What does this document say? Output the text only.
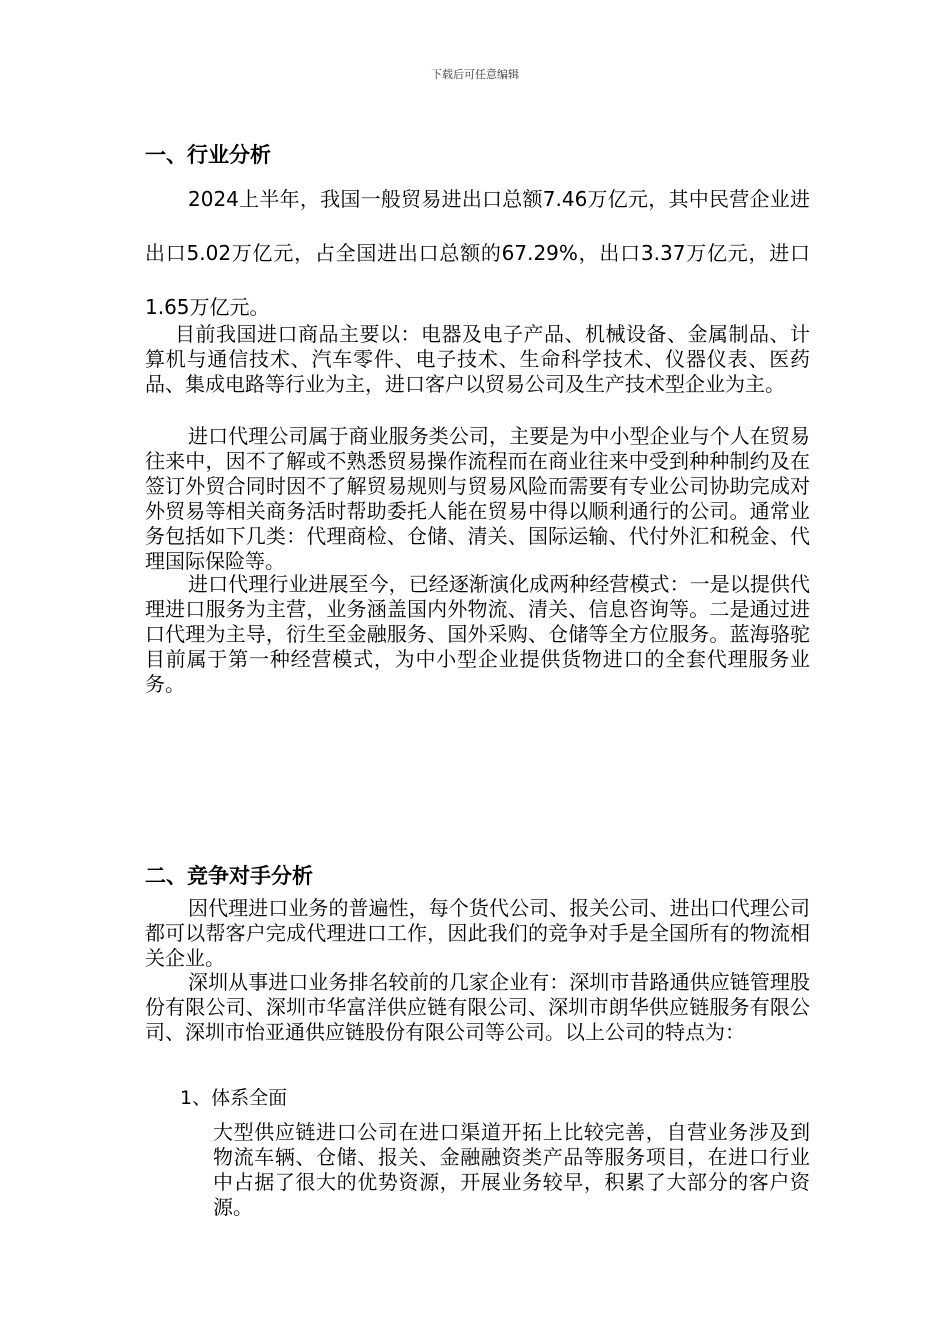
下载后可任意编辑
一、行业分析

2024上半年，我国一般贸易进出口总额7.46万亿元，其中民营企业进出口5.02万亿元，占全国进出口总额的67.29%，出口3.37万亿元，进口1.65万亿元。

目前我国进口商品主要以：电器及电子产品、机械设备、金属制品、计算机与通信技术、汽车零件、电子技术、生命科学技术、仪器仪表、医药品、集成电路等行业为主，进口客户以贸易公司及生产技术型企业为主。

进口代理公司属于商业服务类公司，主要是为中小型企业与个人在贸易往来中，因不了解或不熟悉贸易操作流程而在商业往来中受到种种制约及在签订外贸合同时因不了解贸易规则与贸易风险而需要有专业公司协助完成对外贸易等相关商务活时帮助委托人能在贸易中得以顺利通行的公司。通常业务包括如下几类：代理商检、仓储、清关、国际运输、代付外汇和税金、代理国际保险等。

进口代理行业进展至今，已经逐渐演化成两种经营模式：一是以提供代理进口服务为主营，业务涵盖国内外物流、清关、信息咨询等。二是通过进口代理为主导，衍生至金融服务、国外采购、仓储等全方位服务。蓝海骆驼目前属于第一种经营模式，为中小型企业提供货物进口的全套代理服务业务。

二、竞争对手分析

因代理进口业务的普遍性，每个货代公司、报关公司、进出口代理公司都可以帮客户完成代理进口工作，因此我们的竞争对手是全国所有的物流相关企业。

深圳从事进口业务排名较前的几家企业有：深圳市昔路通供应链管理股份有限公司、深圳市华富洋供应链有限公司、深圳市朗华供应链服务有限公司、深圳市怡亚通供应链股份有限公司等公司。以上公司的特点为：

1、体系全面

大型供应链进口公司在进口渠道开拓上比较完善，自营业务涉及到物流车辆、仓储、报关、金融融资类产品等服务项目，在进口行业中占据了很大的优势资源，开展业务较早，积累了大部分的客户资源。
